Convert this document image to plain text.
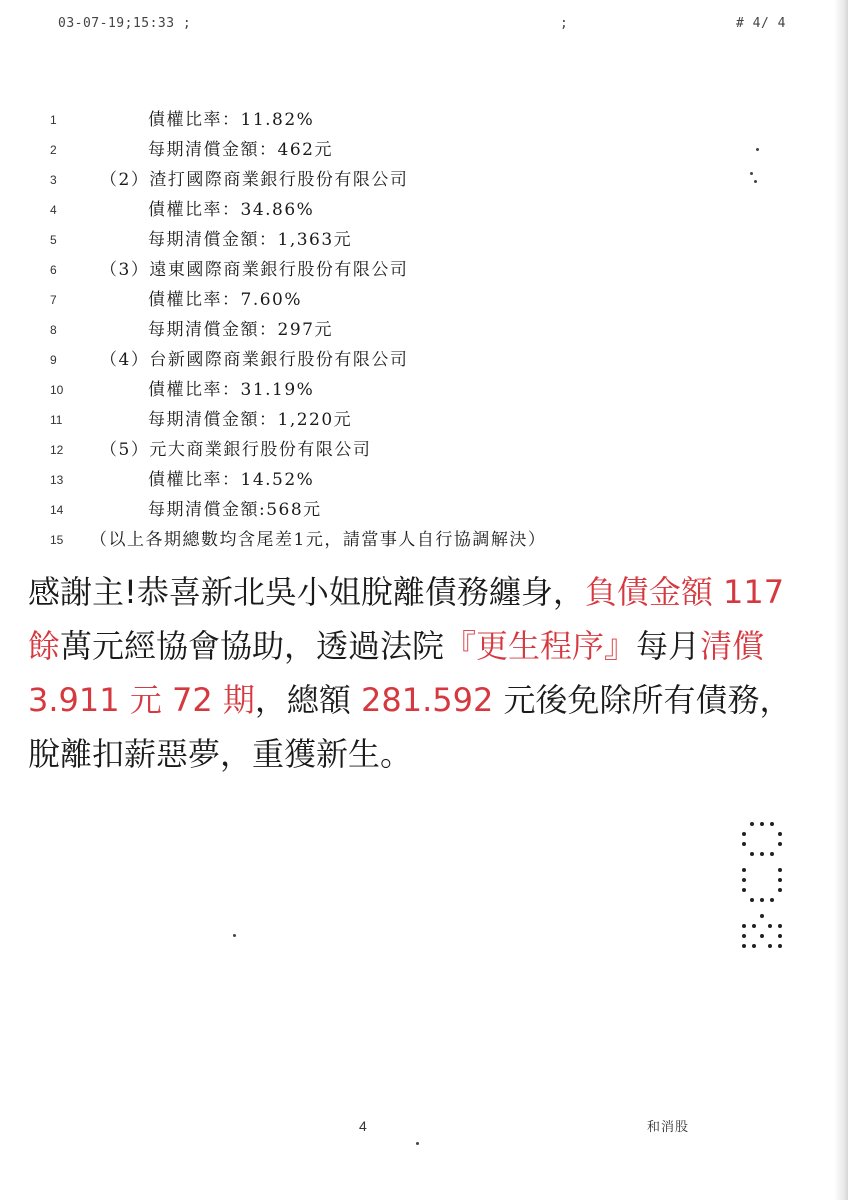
03-07-19;15:33 ;	;	# 4/ 4
1	債權比率：11.82%
2	每期清償金額：462元
3	（2）渣打國際商業銀行股份有限公司
4	債權比率：34.86%
5	每期清償金額：1,363元
6	（3）遠東國際商業銀行股份有限公司
7	債權比率：7.60%
8	每期清償金額：297元
9	（4）台新國際商業銀行股份有限公司
10	債權比率：31.19%
11	每期清償金額：1,220元
12	（5）元大商業銀行股份有限公司
13	債權比率：14.52%
14	每期清償金額:568元
15	（以上各期總數均含尾差1元，請當事人自行協調解決）

感謝主!恭喜新北吳小姐脫離債務纏身，負債金額 117 餘萬元經協會協助，透過法院『更生程序』每月清償 3.911 元 72 期，總額 281.592 元後免除所有債務，脫離扣薪惡夢，重獲新生。

4	和消股
